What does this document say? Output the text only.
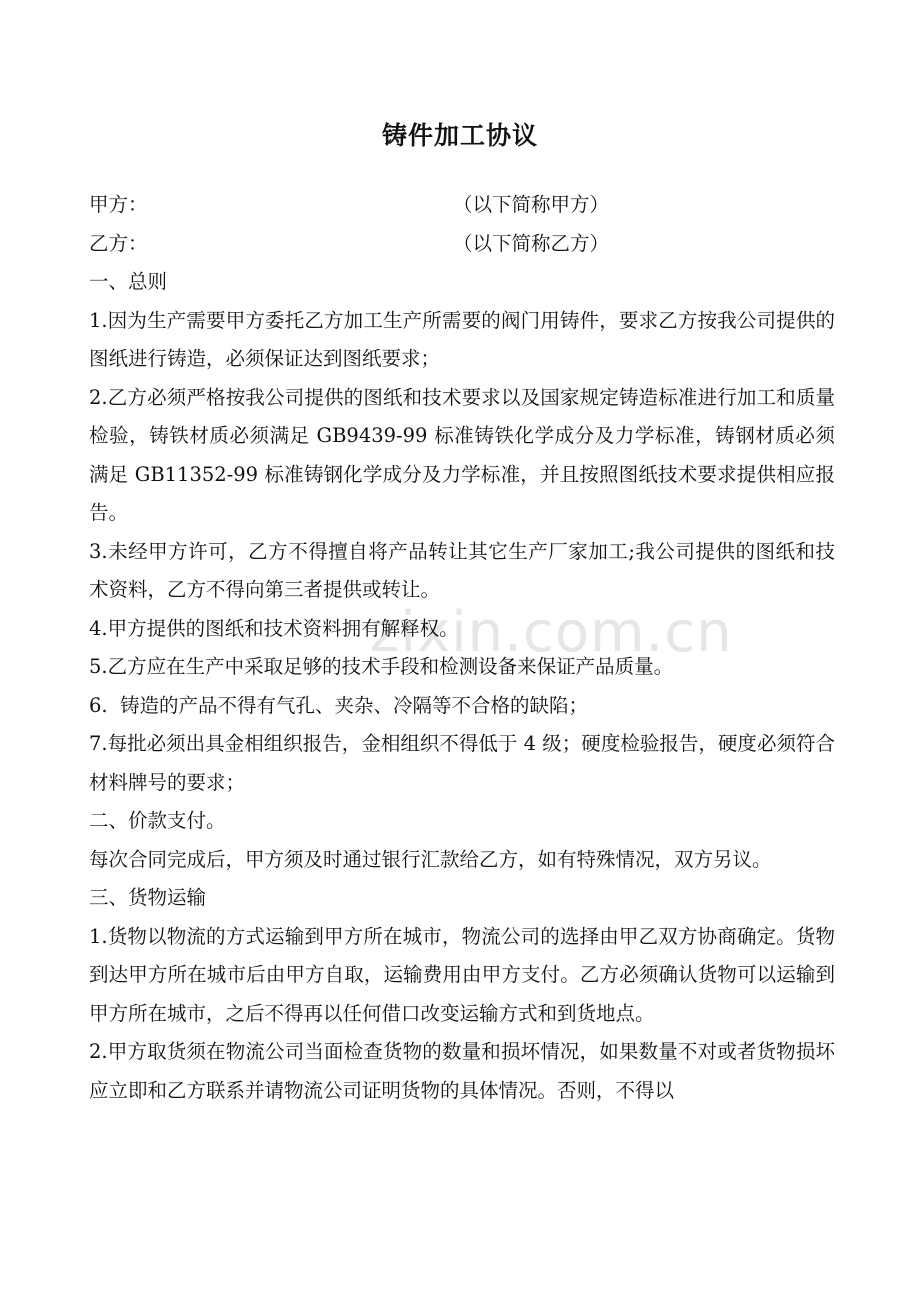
zixin.com.cn
铸件加工协议
甲方：	（以下简称甲方）
乙方：	（以下简称乙方）

一、总则

1.因为生产需要甲方委托乙方加工生产所需要的阀门用铸件，要求乙方按我公司提供的图纸进行铸造，必须保证达到图纸要求；

2.乙方必须严格按我公司提供的图纸和技术要求以及国家规定铸造标准进行加工和质量检验，铸铁材质必须满足 GB9439-99 标准铸铁化学成分及力学标准，铸钢材质必须满足 GB11352-99 标准铸钢化学成分及力学标准，并且按照图纸技术要求提供相应报告。

3.未经甲方许可，乙方不得擅自将产品转让其它生产厂家加工;我公司提供的图纸和技术资料，乙方不得向第三者提供或转让。

4.甲方提供的图纸和技术资料拥有解释权。

5.乙方应在生产中采取足够的技术手段和检测设备来保证产品质量。

6.  铸造的产品不得有气孔、夹杂、冷隔等不合格的缺陷；

7.每批必须出具金相组织报告，金相组织不得低于 4 级；硬度检验报告，硬度必须符合材料牌号的要求；

二、价款支付。

每次合同完成后，甲方须及时通过银行汇款给乙方，如有特殊情况，双方另议。

三、货物运输

1.货物以物流的方式运输到甲方所在城市，物流公司的选择由甲乙双方协商确定。货物到达甲方所在城市后由甲方自取，运输费用由甲方支付。乙方必须确认货物可以运输到甲方所在城市，之后不得再以任何借口改变运输方式和到货地点。

2.甲方取货须在物流公司当面检查货物的数量和损坏情况，如果数量不对或者货物损坏应立即和乙方联系并请物流公司证明货物的具体情况。否则，不得以
